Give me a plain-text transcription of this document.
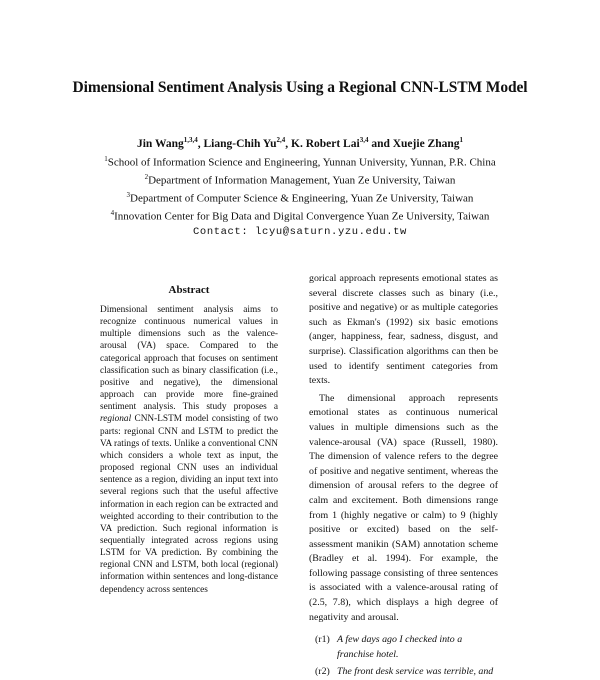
Dimensional Sentiment Analysis Using a Regional CNN-LSTM Model
Jin Wang$^{1,3,4}$, Liang-Chih Yu$^{2,4}$, K. Robert Lai$^{3,4}$ and Xuejie Zhang$^1$
$^1$School of Information Science and Engineering, Yunnan University, Yunnan, P.R. China
$^2$Department of Information Management, Yuan Ze University, Taiwan
$^3$Department of Computer Science & Engineering, Yuan Ze University, Taiwan
$^4$Innovation Center for Big Data and Digital Convergence Yuan Ze University, Taiwan
Contact: lcyu@saturn.yzu.edu.tw
Abstract

Dimensional sentiment analysis aims to recognize continuous numerical values in multiple dimensions such as the valence-arousal (VA) space. Compared to the categorical approach that focuses on sentiment classification such as binary classification (i.e., positive and negative), the dimensional approach can provide more fine-grained sentiment analysis. This study proposes a regional CNN-LSTM model consisting of two parts: regional CNN and LSTM to predict the VA ratings of texts. Unlike a conventional CNN which considers a whole text as input, the proposed regional CNN uses an individual sentence as a region, dividing an input text into several regions such that the useful affective information in each region can be extracted and weighted according to their contribution to the VA prediction. Such regional information is sequentially integrated across regions using LSTM for VA prediction. By combining the regional CNN and LSTM, both local (regional) information within sentences and long-distance dependency across sentences

gorical approach represents emotional states as several discrete classes such as binary (i.e., positive and negative) or as multiple categories such as Ekman's (1992) six basic emotions (anger, happiness, fear, sadness, disgust, and surprise). Classification algorithms can then be used to identify sentiment categories from texts.

The dimensional approach represents emotional states as continuous numerical values in multiple dimensions such as the valence-arousal (VA) space (Russell, 1980). The dimension of valence refers to the degree of positive and negative sentiment, whereas the dimension of arousal refers to the degree of calm and excitement. Both dimensions range from 1 (highly negative or calm) to 9 (highly positive or excited) based on the self-assessment manikin (SAM) annotation scheme (Bradley et al. 1994). For example, the following passage consisting of three sentences is associated with a valence-arousal rating of (2.5, 7.8), which displays a high degree of negativity and arousal.

(r1) A few days ago I checked into a franchise hotel.
(r2) The front desk service was terrible, and
